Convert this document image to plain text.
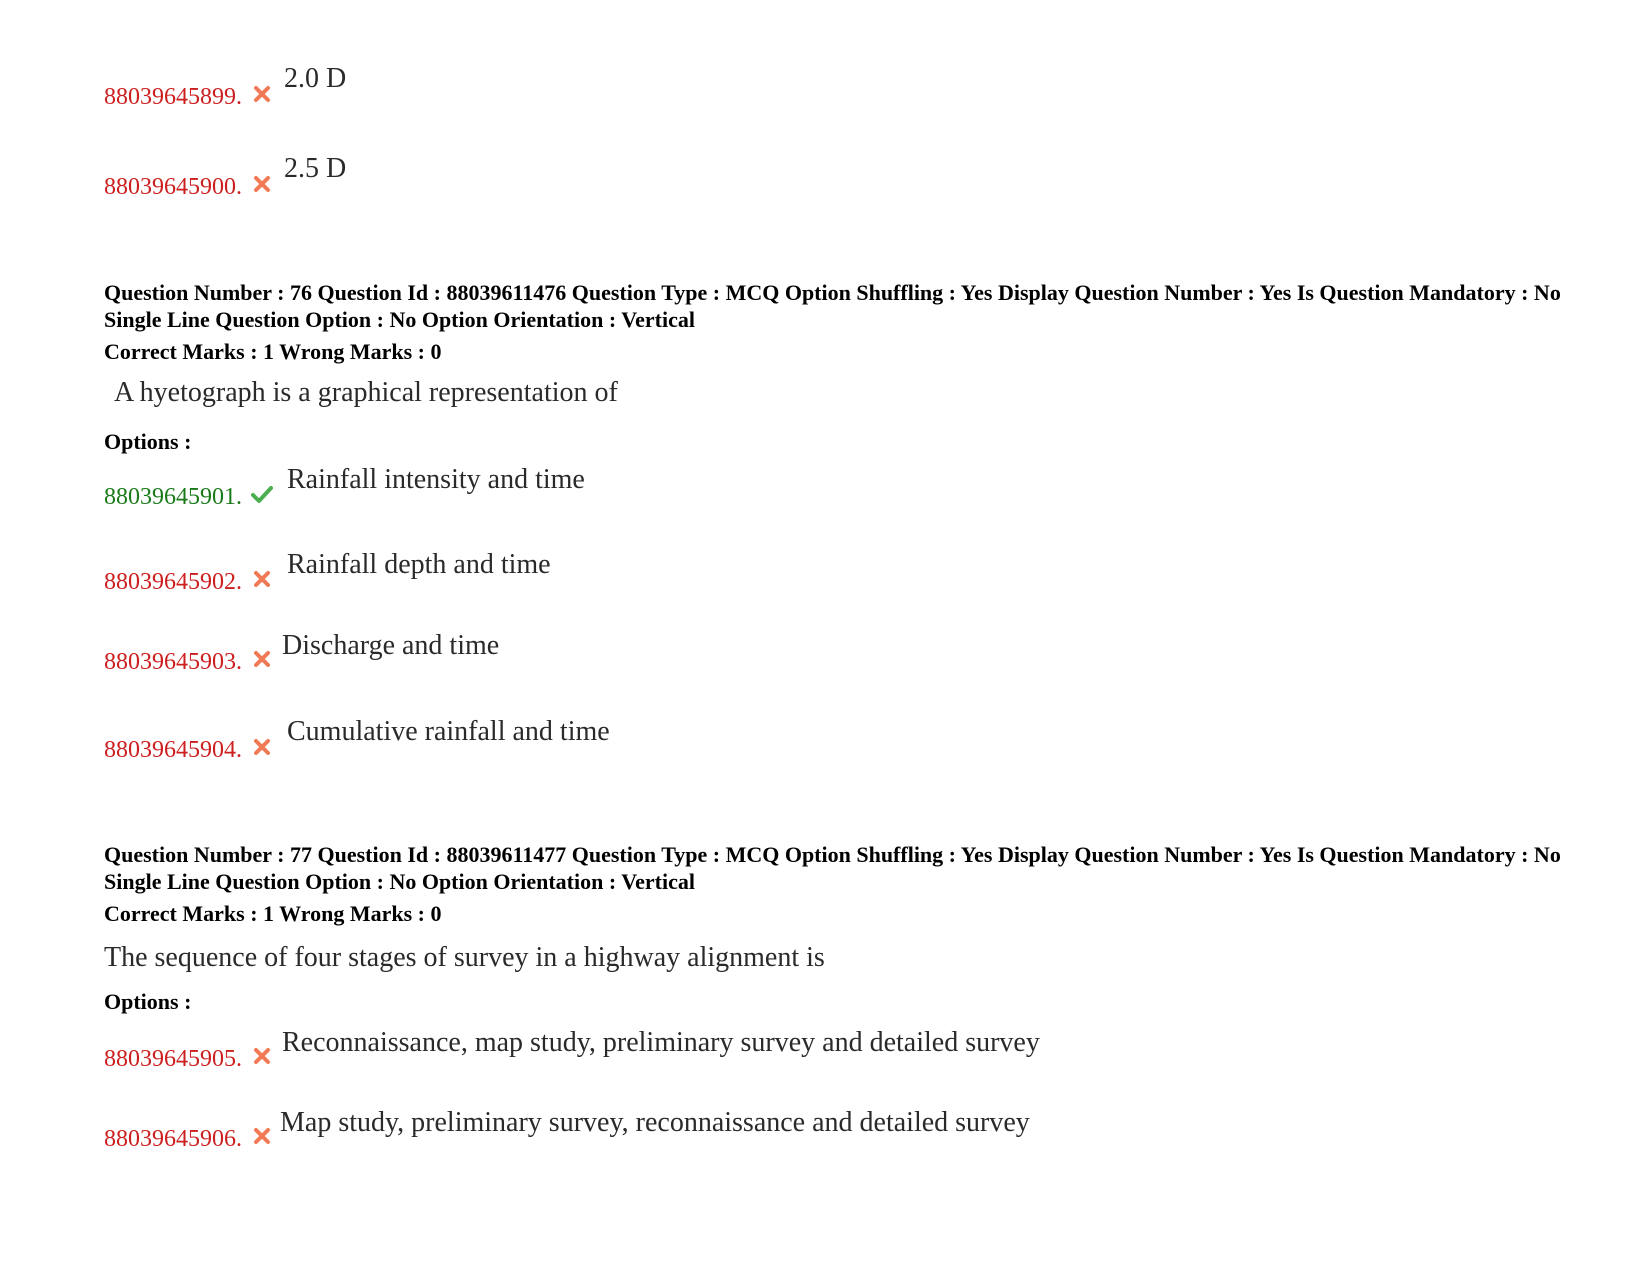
88039645899.
2.0 D
88039645900.
2.5 D
Question Number : 76 Question Id : 88039611476 Question Type : MCQ Option Shuffling : Yes Display Question Number : Yes Is Question Mandatory : No Single Line Question Option : No Option Orientation : Vertical
Correct Marks : 1 Wrong Marks : 0
A hyetograph is a graphical representation of
Options :
88039645901.
Rainfall intensity and time
88039645902.
Rainfall depth and time
88039645903.
Discharge and time
88039645904.
Cumulative rainfall and time
Question Number : 77 Question Id : 88039611477 Question Type : MCQ Option Shuffling : Yes Display Question Number : Yes Is Question Mandatory : No Single Line Question Option : No Option Orientation : Vertical
Correct Marks : 1 Wrong Marks : 0
The sequence of four stages of survey in a highway alignment is
Options :
88039645905.
Reconnaissance, map study, preliminary survey and detailed survey
88039645906.
Map study, preliminary survey, reconnaissance and detailed survey
